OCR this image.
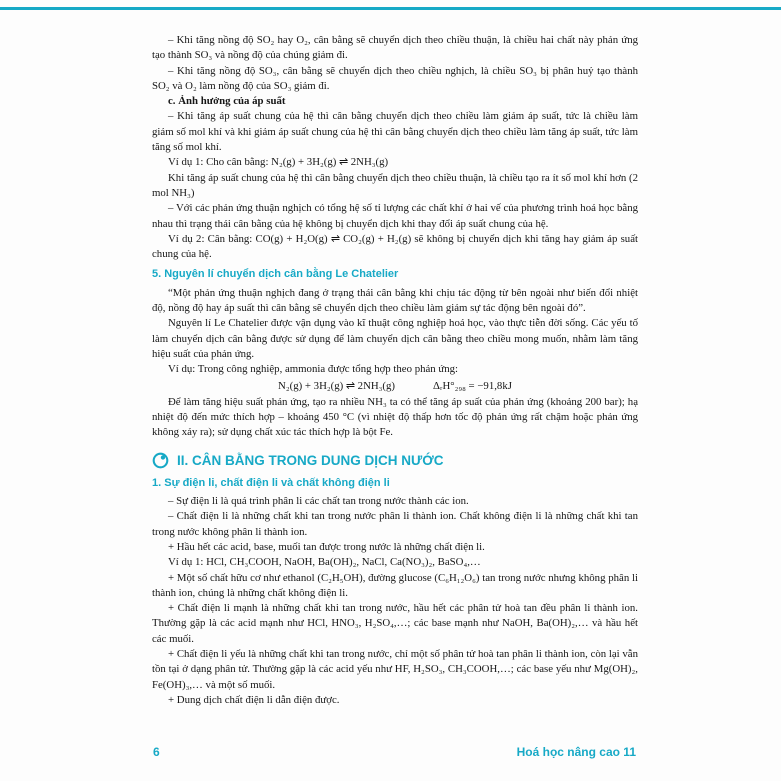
– Khi tăng nồng độ SO₂ hay O₂, cân bằng sẽ chuyển dịch theo chiều thuận, là chiều hai chất này phản ứng tạo thành SO₃ và nồng độ của chúng giảm đi.

– Khi tăng nồng độ SO₃, cân bằng sẽ chuyển dịch theo chiều nghịch, là chiều SO₃ bị phân huỷ tạo thành SO₂ và O₂ làm nồng độ của SO₃ giảm đi.

c. Ảnh hưởng của áp suất

– Khi tăng áp suất chung của hệ thì cân bằng chuyển dịch theo chiều làm giảm áp suất, tức là chiều làm giảm số mol khí và khi giảm áp suất chung của hệ thì cân bằng chuyển dịch theo chiều làm tăng áp suất, tức làm tăng số mol khí.

Ví dụ 1: Cho cân bằng: N₂(g) + 3H₂(g) ⇌ 2NH₃(g)

Khi tăng áp suất chung của hệ thì cân bằng chuyển dịch theo chiều thuận, là chiều tạo ra ít số mol khí hơn (2 mol NH₃)

– Với các phản ứng thuận nghịch có tổng hệ số tỉ lượng các chất khí ở hai vế của phương trình hoá học bằng nhau thì trạng thái cân bằng của hệ không bị chuyển dịch khi thay đổi áp suất chung của hệ.

Ví dụ 2: Cân bằng: CO(g) + H₂O(g) ⇌ CO₂(g) + H₂(g) sẽ không bị chuyển dịch khi tăng hay giảm áp suất chung của hệ.

5. Nguyên lí chuyển dịch cân bằng Le Chatelier

“Một phản ứng thuận nghịch đang ở trạng thái cân bằng khi chịu tác động từ bên ngoài như biến đổi nhiệt độ, nồng độ hay áp suất thì cân bằng sẽ chuyển dịch theo chiều làm giảm sự tác động bên ngoài đó”.

Nguyên lí Le Chatelier được vận dụng vào kĩ thuật công nghiệp hoá học, vào thực tiễn đời sống. Các yếu tố làm chuyển dịch cân bằng được sử dụng để làm chuyển dịch cân bằng theo chiều mong muốn, nhằm làm tăng hiệu suất của phản ứng.

Ví dụ: Trong công nghiệp, ammonia được tổng hợp theo phản ứng:

N₂(g) + 3H₂(g) ⇌ 2NH₃(g)	ΔᵣH°₂₉₈ = −91,8kJ

Để làm tăng hiệu suất phản ứng, tạo ra nhiều NH₃ ta có thể tăng áp suất của phản ứng (khoảng 200 bar); hạ nhiệt độ đến mức thích hợp – khoảng 450 °C (vì nhiệt độ thấp hơn tốc độ phản ứng rất chậm hoặc phản ứng không xảy ra); sử dụng chất xúc tác thích hợp là bột Fe.

II. CÂN BẰNG TRONG DUNG DỊCH NƯỚC

1. Sự điện li, chất điện li và chất không điện li

– Sự điện li là quá trình phân li các chất tan trong nước thành các ion.

– Chất điện li là những chất khi tan trong nước phân li thành ion. Chất không điện li là những chất khi tan trong nước không phân li thành ion.

+ Hầu hết các acid, base, muối tan được trong nước là những chất điện li.

Ví dụ 1: HCl, CH₃COOH, NaOH, Ba(OH)₂, NaCl, Ca(NO₃)₂, BaSO₄,…

+ Một số chất hữu cơ như ethanol (C₂H₅OH), đường glucose (C₆H₁₂O₆) tan trong nước nhưng không phân li thành ion, chúng là những chất không điện li.

+ Chất điện li mạnh là những chất khi tan trong nước, hầu hết các phân tử hoà tan đều phân li thành ion. Thường gặp là các acid mạnh như HCl, HNO₃, H₂SO₄,…; các base mạnh như NaOH, Ba(OH)₂,… và hầu hết các muối.

+ Chất điện li yếu là những chất khi tan trong nước, chỉ một số phân tử hoà tan phân li thành ion, còn lại vẫn tồn tại ở dạng phân tử. Thường gặp là các acid yếu như HF, H₂SO₃, CH₃COOH,…; các base yếu như Mg(OH)₂, Fe(OH)₃,… và một số muối.

+ Dung dịch chất điện li dẫn điện được.

6	Hoá học nâng cao 11
